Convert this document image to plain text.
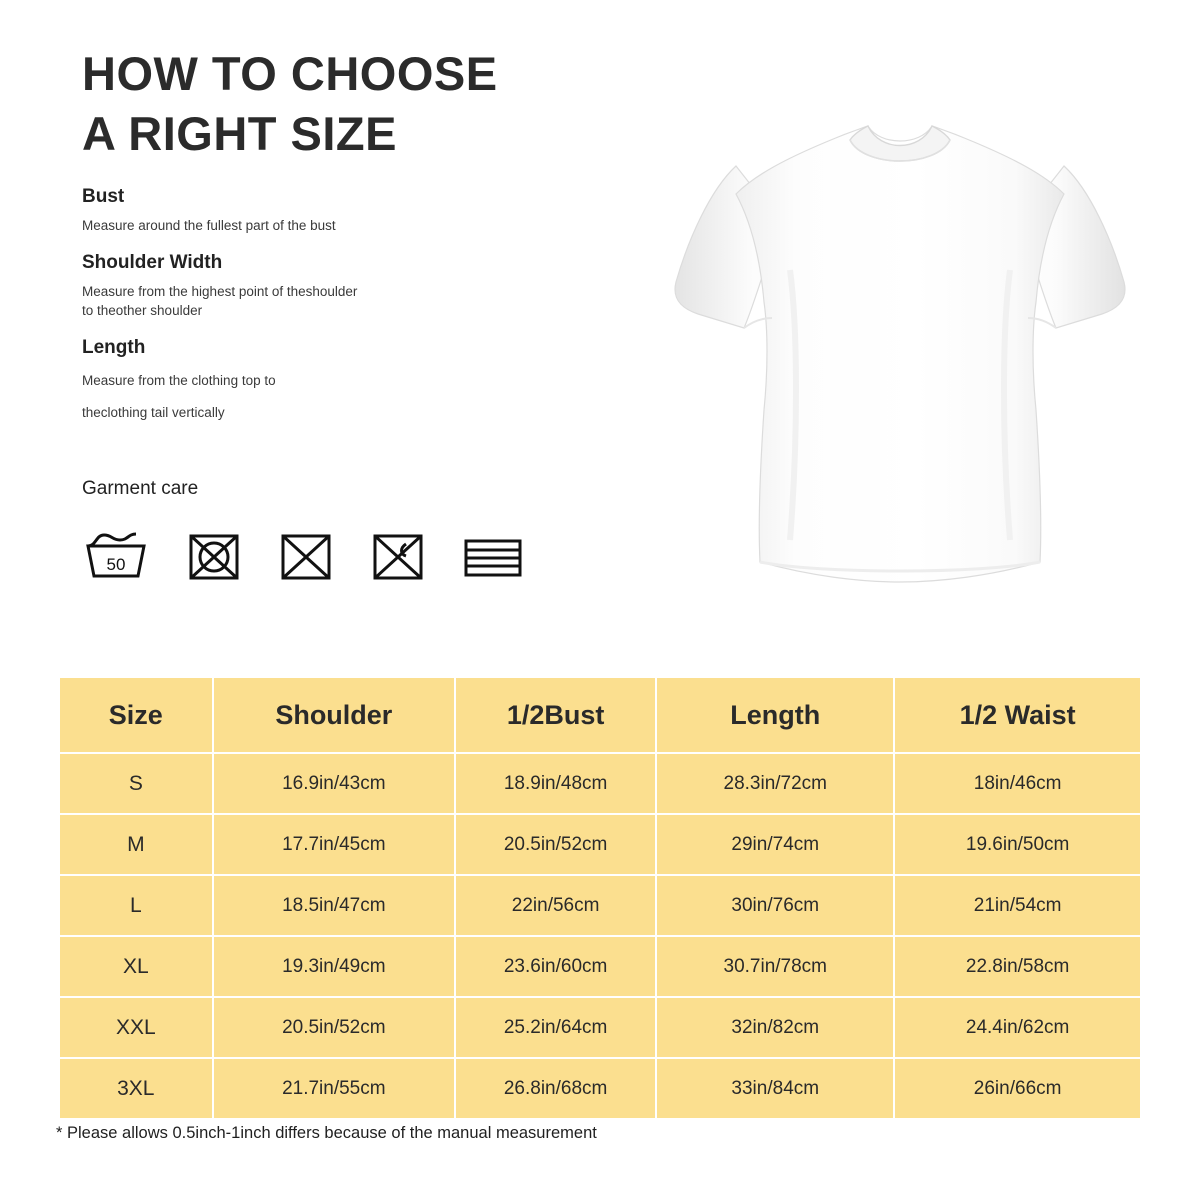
HOW TO CHOOSE
A RIGHT SIZE

Bust

Measure around the fullest part of the bust

Shoulder Width

Measure from the highest point of theshoulder
to theother shoulder

Length

Measure from the clothing top to
theclothing tail vertically

Garment care

50
Size	Shoulder	1/2Bust	Length	1/2 Waist
S	16.9in/43cm	18.9in/48cm	28.3in/72cm	18in/46cm
M	17.7in/45cm	20.5in/52cm	29in/74cm	19.6in/50cm
L	18.5in/47cm	22in/56cm	30in/76cm	21in/54cm
XL	19.3in/49cm	23.6in/60cm	30.7in/78cm	22.8in/58cm
XXL	20.5in/52cm	25.2in/64cm	32in/82cm	24.4in/62cm
3XL	21.7in/55cm	26.8in/68cm	33in/84cm	26in/66cm
* Please allows 0.5inch-1inch differs because of the manual measurement
